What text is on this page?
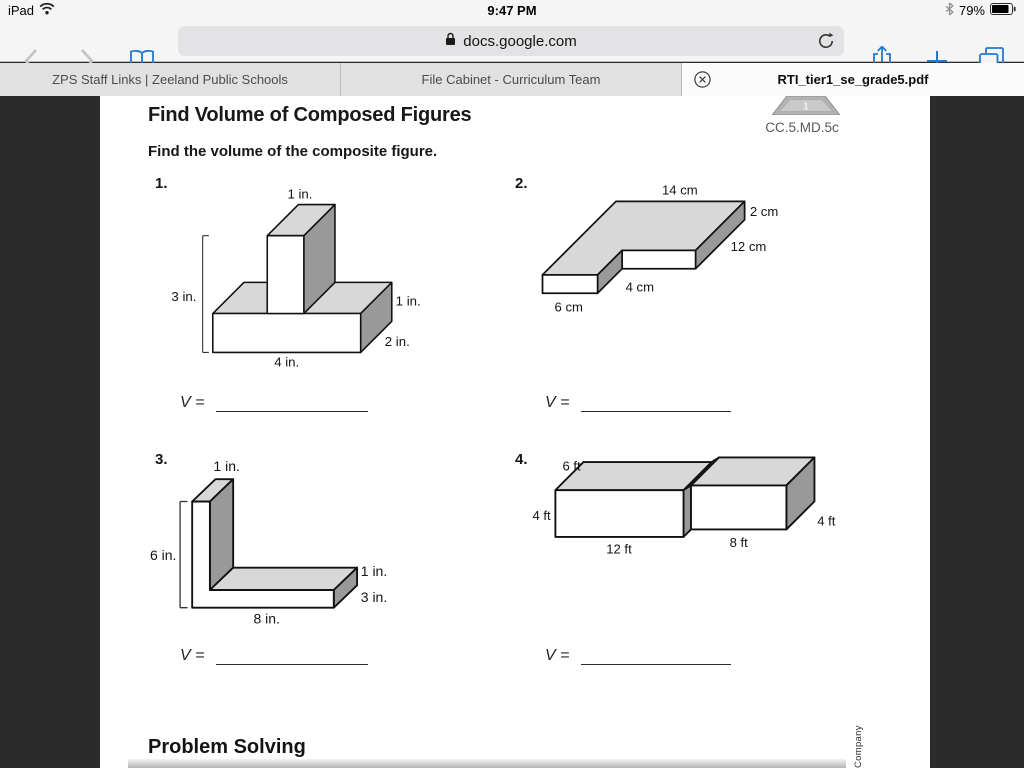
iPad	9:47 PM	79%
docs.google.com
ZPS Staff Links | Zeeland Public Schools	File Cabinet - Curriculum Team	RTI_tier1_se_grade5.pdf
Find Volume of Composed Figures	1
CC.5.MD.5c
Find the volume of the composite figure.
1.	2.
3.	4.
1 in.
3 in.	1 in.
2 in.
4 in.
14 cm
2 cm
12 cm
4 cm
6 cm
V =	V =
1 in.
6 in.
1 in.
3 in.
8 in.
6 ft
4 ft
12 ft	8 ft
4 ft
V =	V =
Problem Solving	Company
